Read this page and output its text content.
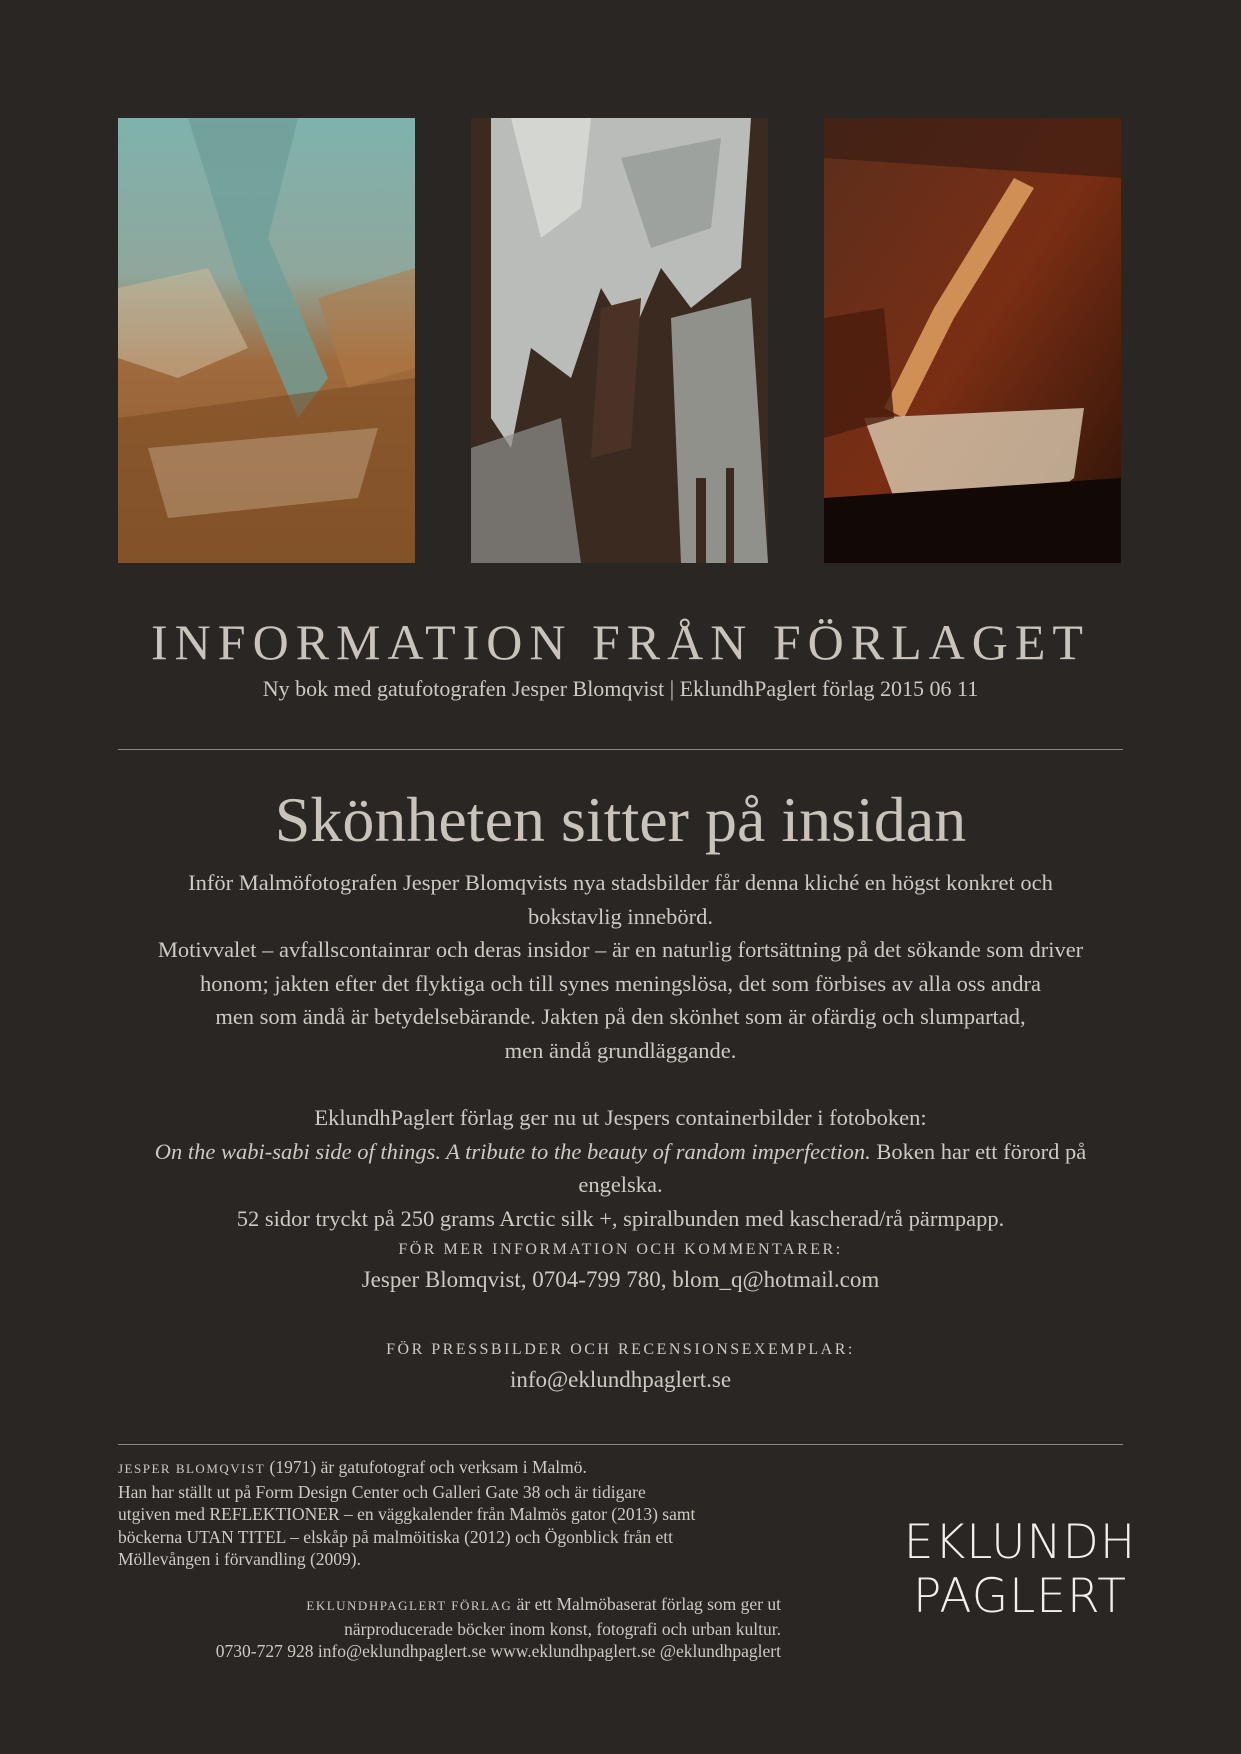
INFORMATION FRÅN FÖRLAGET
Ny bok med gatufotografen Jesper Blomqvist | EklundhPaglert förlag 2015 06 11
Skönheten sitter på insidan

Inför Malmöfotografen Jesper Blomqvists nya stadsbilder får denna kliché en högst konkret och

bokstavlig innebörd.

Motivvalet – avfallscontainrar och deras insidor – är en naturlig fortsättning på det sökande som driver

honom; jakten efter det flyktiga och till synes meningslösa, det som förbises av alla oss andra

men som ändå är betydelsebärande. Jakten på den skönhet som är ofärdig och slumpartad,

men ändå grundläggande.

EklundhPaglert förlag ger nu ut Jespers containerbilder i fotoboken:

On the wabi-sabi side of things. A tribute to the beauty of random imperfection. Boken har ett förord på engelska.

52 sidor tryckt på 250 grams Arctic silk +, spiralbunden med kascherad/rå pärmpapp.

FÖR MER INFORMATION OCH KOMMENTARER:
Jesper Blomqvist, 0704-799 780, blom_q@hotmail.com
FÖR PRESSBILDER OCH RECENSIONSEXEMPLAR:
info@eklundhpaglert.se

JESPER BLOMQVIST (1971) är gatufotograf och verksam i Malmö.

Han har ställt ut på Form Design Center och Galleri Gate 38 och är tidigare

utgiven med REFLEKTIONER – en väggkalender från Malmös gator (2013) samt

böckerna UTAN TITEL – elskåp på malmöitiska (2012) och Ögonblick från ett

Möllevången i förvandling (2009).

EKLUNDHPAGLERT FÖRLAG är ett Malmöbaserat förlag som ger ut

närproducerade böcker inom konst, fotografi och urban kultur.

0730-727 928 info@eklundhpaglert.se www.eklundhpaglert.se @eklundhpaglert

EKLUNDH
PAGLERT
